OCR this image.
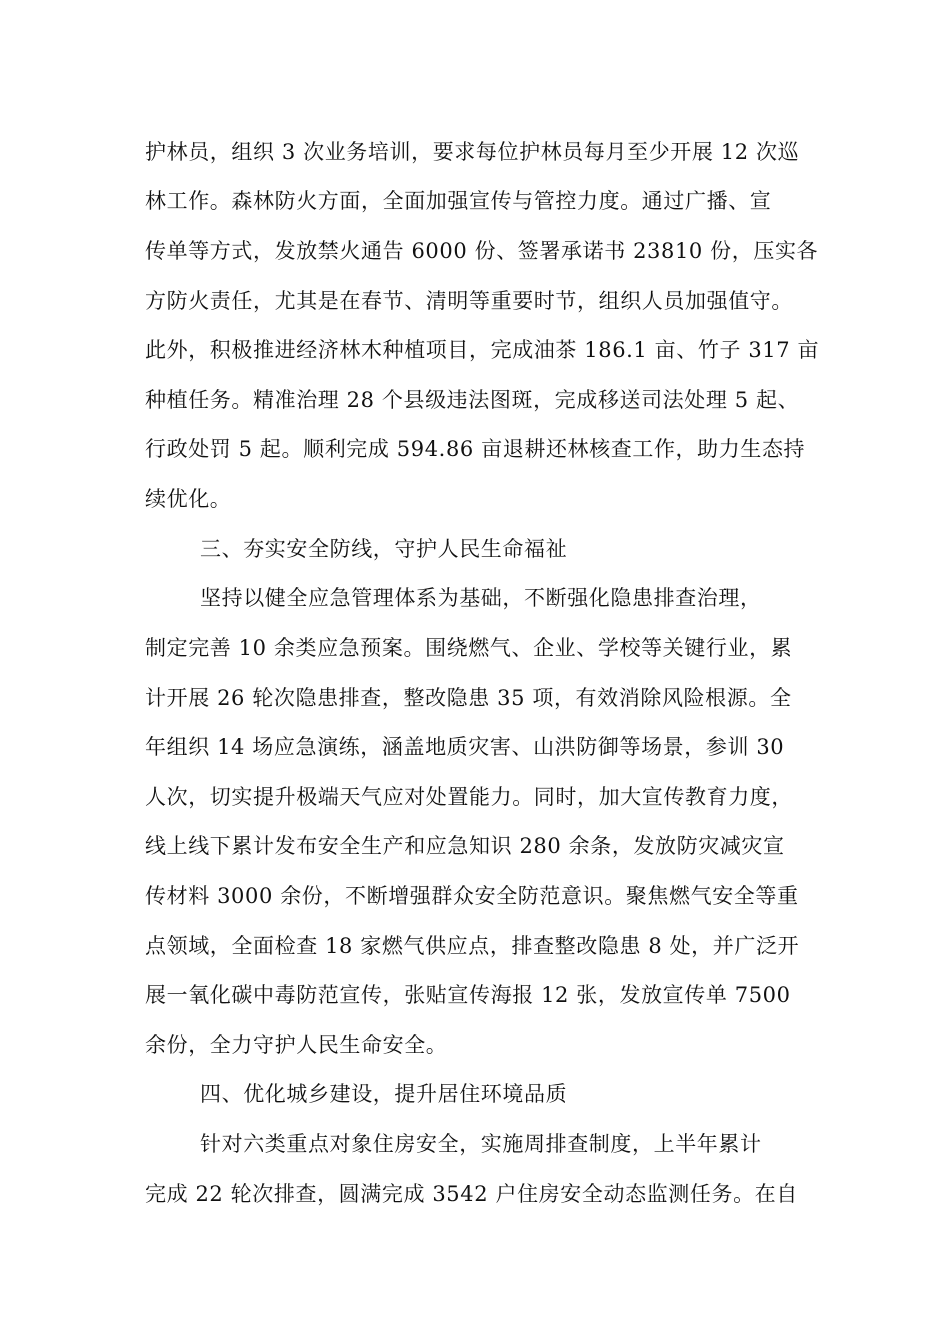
护林员，组织 3 次业务培训，要求每位护林员每月至少开展 12 次巡

林工作。森林防火方面，全面加强宣传与管控力度。通过广播、宣

传单等方式，发放禁火通告 6000 份、签署承诺书 23810 份，压实各

方防火责任，尤其是在春节、清明等重要时节，组织人员加强值守。

此外，积极推进经济林木种植项目，完成油茶 186.1 亩、竹子 317 亩

种植任务。精准治理 28 个县级违法图斑，完成移送司法处理 5 起、

行政处罚 5 起。顺利完成 594.86 亩退耕还林核查工作，助力生态持

续优化。

三、夯实安全防线，守护人民生命福祉

坚持以健全应急管理体系为基础，不断强化隐患排查治理，

制定完善 10 余类应急预案。围绕燃气、企业、学校等关键行业，累

计开展 26 轮次隐患排查，整改隐患 35 项，有效消除风险根源。全

年组织 14 场应急演练，涵盖地质灾害、山洪防御等场景，参训 30

人次，切实提升极端天气应对处置能力。同时，加大宣传教育力度，

线上线下累计发布安全生产和应急知识 280 余条，发放防灾减灾宣

传材料 3000 余份，不断增强群众安全防范意识。聚焦燃气安全等重

点领域，全面检查 18 家燃气供应点，排查整改隐患 8 处，并广泛开

展一氧化碳中毒防范宣传，张贴宣传海报 12 张，发放宣传单 7500

余份，全力守护人民生命安全。

四、优化城乡建设，提升居住环境品质

针对六类重点对象住房安全，实施周排查制度，上半年累计

完成 22 轮次排查，圆满完成 3542 户住房安全动态监测任务。在自
